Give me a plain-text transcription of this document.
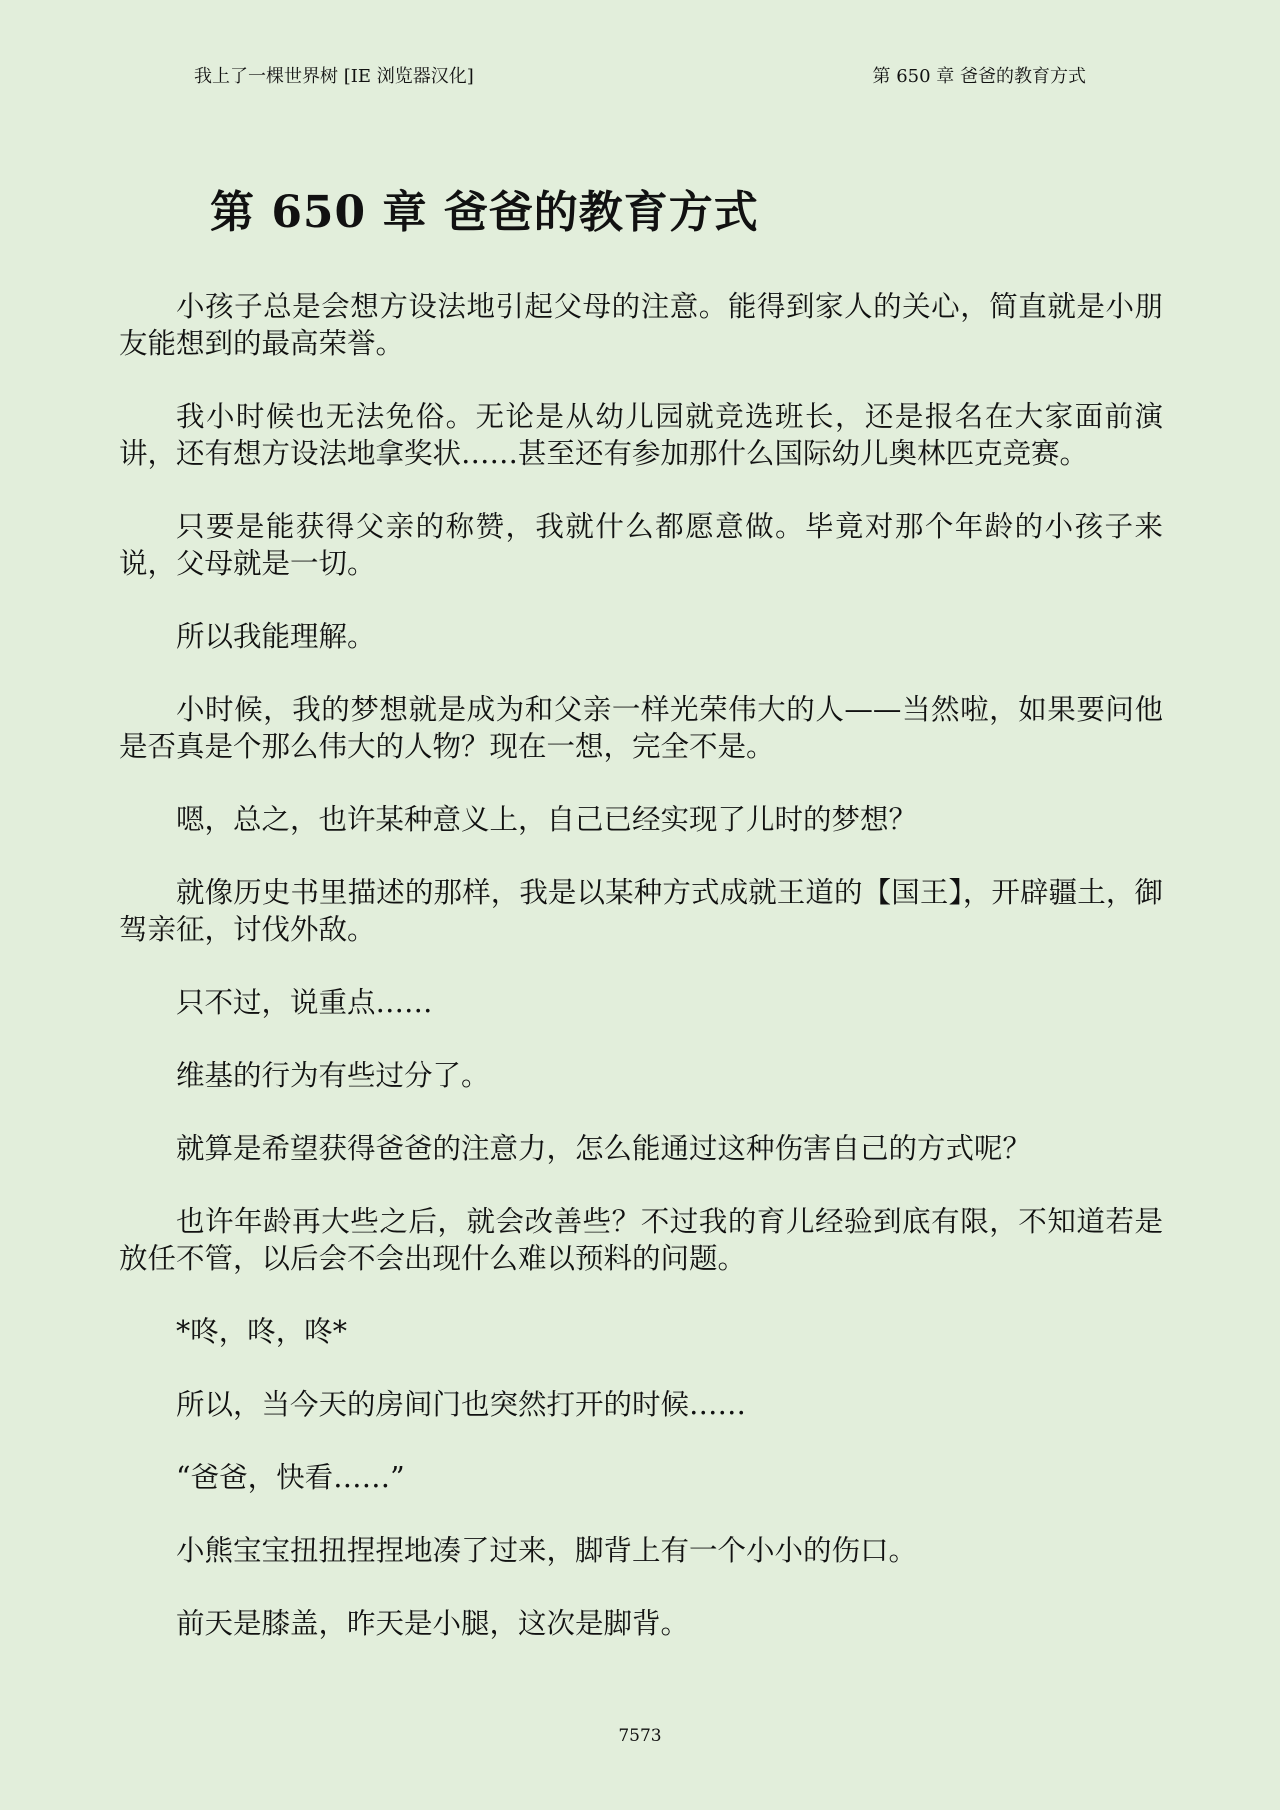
我上了一棵世界树 [IE 浏览器汉化]	第 650 章 爸爸的教育方式
第 650 章 爸爸的教育方式

小孩子总是会想方设法地引起父母的注意。能得到家人的关心，简直就是小朋友能想到的最高荣誉。

我小时候也无法免俗。无论是从幼儿园就竞选班长，还是报名在大家面前演讲，还有想方设法地拿奖状……甚至还有参加那什么国际幼儿奥林匹克竞赛。

只要是能获得父亲的称赞，我就什么都愿意做。毕竟对那个年龄的小孩子来说，父母就是一切。

所以我能理解。

小时候，我的梦想就是成为和父亲一样光荣伟大的人——当然啦，如果要问他是否真是个那么伟大的人物？现在一想，完全不是。

嗯，总之，也许某种意义上，自己已经实现了儿时的梦想？

就像历史书里描述的那样，我是以某种方式成就王道的【国王】，开辟疆土，御驾亲征，讨伐外敌。

只不过，说重点……

维基的行为有些过分了。

就算是希望获得爸爸的注意力，怎么能通过这种伤害自己的方式呢？

也许年龄再大些之后，就会改善些？不过我的育儿经验到底有限，不知道若是放任不管，以后会不会出现什么难以预料的问题。

*咚，咚，咚*

所以，当今天的房间门也突然打开的时候……

“爸爸，快看……”

小熊宝宝扭扭捏捏地凑了过来，脚背上有一个小小的伤口。

前天是膝盖，昨天是小腿，这次是脚背。

7573
